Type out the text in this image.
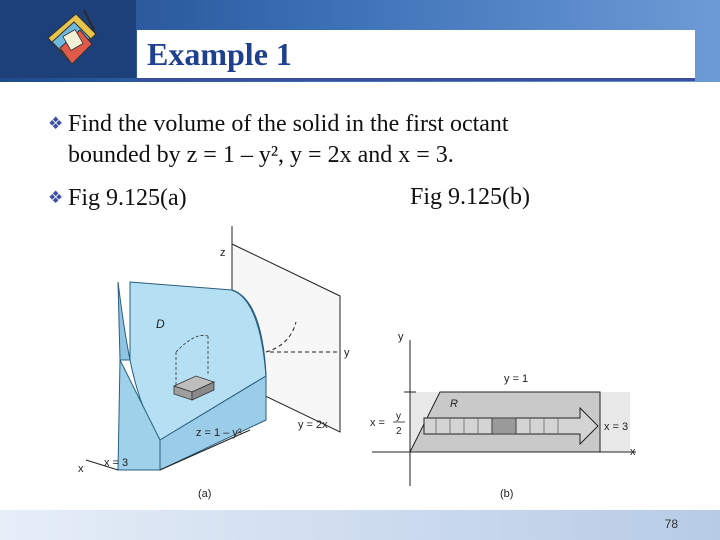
Example 1
❖ Find the volume of the solid in the first octant
bounded by z = 1 – y², y = 2x and x = 3.
❖ Fig 9.125(a)	Fig 9.125(b)
z
y
x
D
z = 1 – y²
y = 2x
x = 3
(a)
y
x
y = 1
R
x =
y
2	x = 3
(b)
78
